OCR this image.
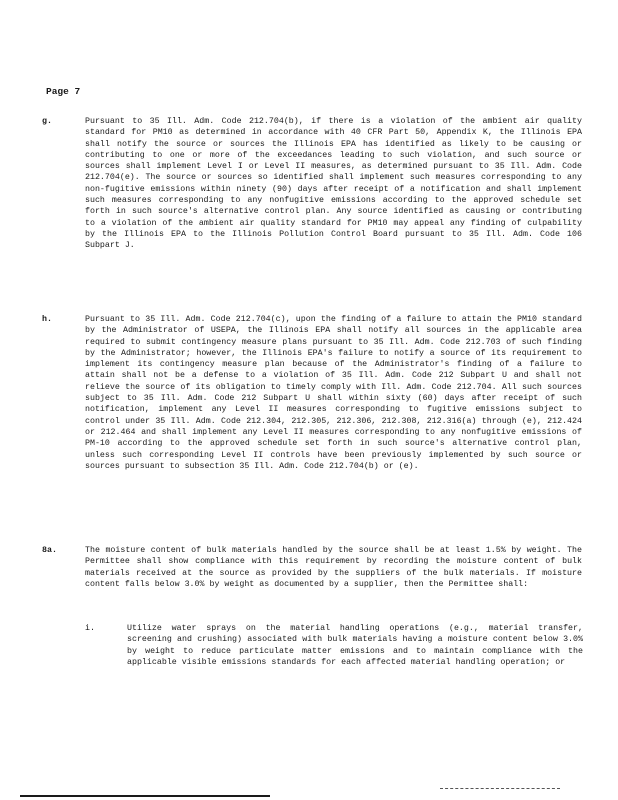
Page 7
g.	Pursuant to 35 Ill. Adm. Code 212.704(b), if there is a violation of the ambient air quality standard for PM10 as determined in accordance with 40 CFR Part 50, Appendix K, the Illinois EPA shall notify the source or sources the Illinois EPA has identified as likely to be causing or contributing to one or more of the exceedances leading to such violation, and such source or sources shall implement Level I or Level II measures, as determined pursuant to 35 Ill. Adm. Code 212.704(e). The source or sources so identified shall implement such measures corresponding to any non-fugitive emissions within ninety (90) days after receipt of a notification and shall implement such measures corresponding to any nonfugitive emissions according to the approved schedule set forth in such source's alternative control plan. Any source identified as causing or contributing to a violation of the ambient air quality standard for PM10 may appeal any finding of culpability by the Illinois EPA to the Illinois Pollution Control Board pursuant to 35 Ill. Adm. Code 106 Subpart J.
h.	Pursuant to 35 Ill. Adm. Code 212.704(c), upon the finding of a failure to attain the PM10 standard by the Administrator of USEPA, the Illinois EPA shall notify all sources in the applicable area required to submit contingency measure plans pursuant to 35 Ill. Adm. Code 212.703 of such finding by the Administrator; however, the Illinois EPA's failure to notify a source of its requirement to implement its contingency measure plan because of the Administrator's finding of a failure to attain shall not be a defense to a violation of 35 Ill. Adm. Code 212 Subpart U and shall not relieve the source of its obligation to timely comply with Ill. Adm. Code 212.704. All such sources subject to 35 Ill. Adm. Code 212 Subpart U shall within sixty (60) days after receipt of such notification, implement any Level II measures corresponding to fugitive emissions subject to control under 35 Ill. Adm. Code 212.304, 212.305, 212.306, 212.308, 212.316(a) through (e), 212.424 or 212.464 and shall implement any Level II measures corresponding to any nonfugitive emissions of PM-10 according to the approved schedule set forth in such source's alternative control plan, unless such corresponding Level II controls have been previously implemented by such source or sources pursuant to subsection 35 Ill. Adm. Code 212.704(b) or (e).
8a.	The moisture content of bulk materials handled by the source shall be at least 1.5% by weight. The Permittee shall show compliance with this requirement by recording the moisture content of bulk materials received at the source as provided by the suppliers of the bulk materials. If moisture content falls below 3.0% by weight as documented by a supplier, then the Permittee shall:
i.	Utilize water sprays on the material handling operations (e.g., material transfer, screening and crushing) associated with bulk materials having a moisture content below 3.0% by weight to reduce particulate matter emissions and to maintain compliance with the applicable visible emissions standards for each affected material handling operation; or
